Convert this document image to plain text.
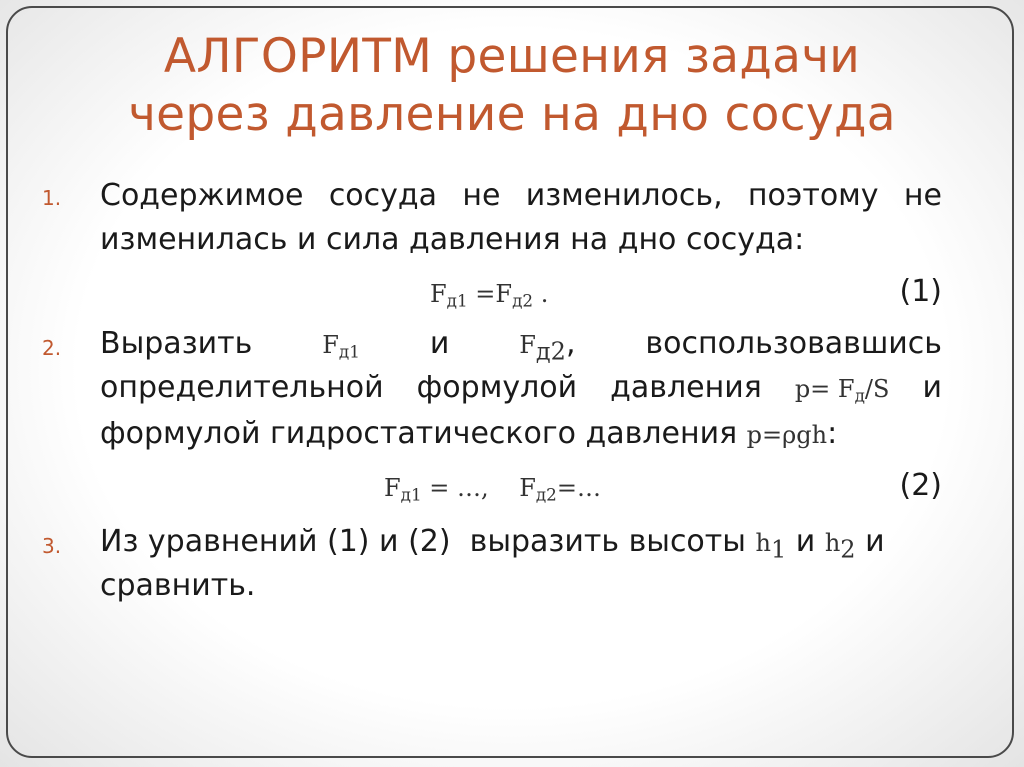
АЛГОРИТМ решения задачи
через давление на дно сосуда
1. Содержимое сосуда не изменилось, поэтому не
изменилась и сила давления на дно сосуда:
$F_{д1} =F_{д2}$ .	(1)
2. Выразить	$F_{д1}$ и	$F_{д2}$, воспользовавшись
определительной формулой давления $p= F_д/S$ и
формулой гидростатического давления p=ρgh:
$F_{д1}$ = …,    $F_{д2}=\dots$	(2)
3. Из уравнений (1) и (2)  выразить высоты $h_1$ и $h_2$ и
сравнить.
